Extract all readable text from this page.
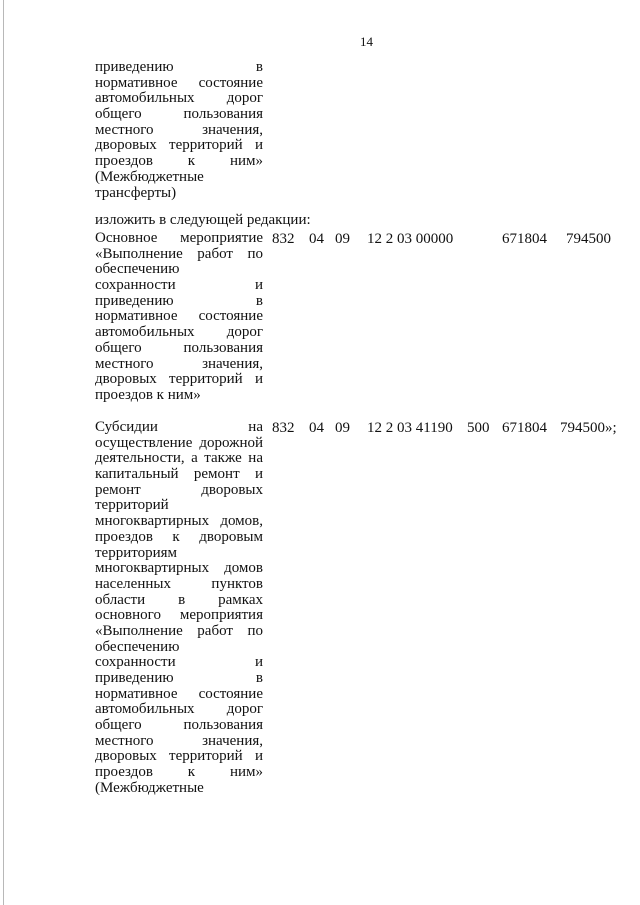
14
приведению в
нормативное состояние
автомобильных дорог
общего пользования
местного значения,
дворовых территорий и
проездов к ним»
(Межбюджетные
трансферты)
изложить в следующей редакции:
Основное мероприятие
«Выполнение работ по
обеспечению
сохранности и
приведению в
нормативное состояние
автомобильных дорог
общего пользования
местного значения,
дворовых территорий и
проездов к ним»
832 04 09 12 2 03 00000	671804 794500
Субсидии на
осуществление дорожной
деятельности, а также на
капитальный ремонт и
ремонт дворовых
территорий
многоквартирных домов,
проездов к дворовым
территориям
многоквартирных домов
населенных пунктов
области в рамках
основного мероприятия
«Выполнение работ по
обеспечению
сохранности и
приведению в
нормативное состояние
автомобильных дорог
общего пользования
местного значения,
дворовых территорий и
проездов к ним»
(Межбюджетные
832 04 09 12 2 03 41190 500 671804 794500»;
